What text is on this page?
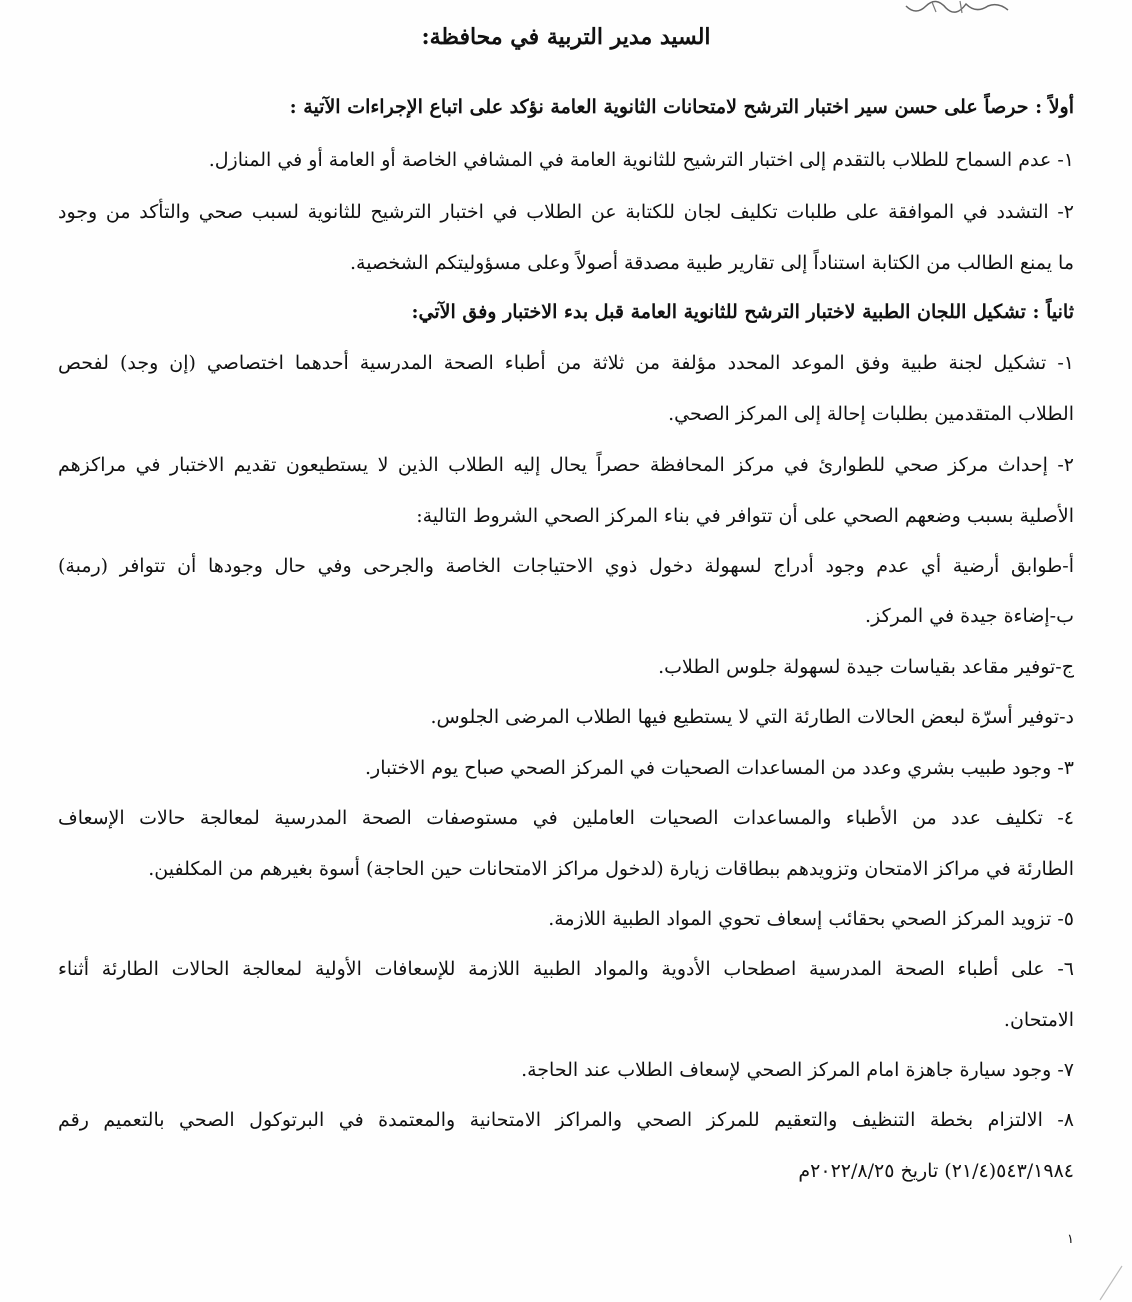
السيد مدير التربية في محافظة:
أولاً : حرصاً على حسن سير اختبار الترشح لامتحانات الثانوية العامة نؤكد على اتباع الإجراءات الآتية :
١- عدم السماح للطلاب بالتقدم إلى اختبار الترشيح للثانوية العامة في المشافي الخاصة أو العامة أو في المنازل.
٢- التشدد في الموافقة على طلبات تكليف لجان للكتابة عن الطلاب في اختبار الترشيح للثانوية لسبب صحي والتأكد من وجود
ما يمنع الطالب من الكتابة استناداً إلى تقارير طبية مصدقة أصولاً وعلى مسؤوليتكم الشخصية.
ثانياً : تشكيل اللجان الطبية لاختبار الترشح للثانوية العامة قبل بدء الاختبار وفق الآتي:
١- تشكيل لجنة طبية وفق الموعد المحدد مؤلفة من ثلاثة من أطباء الصحة المدرسية أحدهما اختصاصي (إن وجد) لفحص
الطلاب المتقدمين بطلبات إحالة إلى المركز الصحي.
٢- إحداث مركز صحي للطوارئ في مركز المحافظة حصراً يحال إليه الطلاب الذين لا يستطيعون تقديم الاختبار في مراكزهم
الأصلية بسبب وضعهم الصحي على أن تتوافر في بناء المركز الصحي الشروط التالية:
أ-طوابق أرضية أي عدم وجود أدراج لسهولة دخول ذوي الاحتياجات الخاصة والجرحى وفي حال وجودها أن تتوافر (رمبة)
ب-إضاءة جيدة في المركز.
ج-توفير مقاعد بقياسات جيدة لسهولة جلوس الطلاب.
د-توفير أسرّة لبعض الحالات الطارئة التي لا يستطيع فيها الطلاب المرضى الجلوس.
٣- وجود طبيب بشري وعدد من المساعدات الصحيات في المركز الصحي صباح يوم الاختبار.
٤- تكليف عدد من الأطباء والمساعدات الصحيات العاملين في مستوصفات الصحة المدرسية لمعالجة حالات الإسعاف
الطارئة في مراكز الامتحان وتزويدهم ببطاقات زيارة (لدخول مراكز الامتحانات حين الحاجة) أسوة بغيرهم من المكلفين.
٥- تزويد المركز الصحي بحقائب إسعاف تحوي المواد الطبية اللازمة.
٦- على أطباء الصحة المدرسية اصطحاب الأدوية والمواد الطبية اللازمة للإسعافات الأولية لمعالجة الحالات الطارئة أثناء
الامتحان.
٧- وجود سيارة جاهزة امام المركز الصحي لإسعاف الطلاب عند الحاجة.
٨- الالتزام بخطة التنظيف والتعقيم للمركز الصحي والمراكز الامتحانية والمعتمدة في البرتوكول الصحي بالتعميم رقم
٥٤٣/١٩٨٤(٢١/٤) تاريخ ٢٠٢٢/٨/٢٥م
١
